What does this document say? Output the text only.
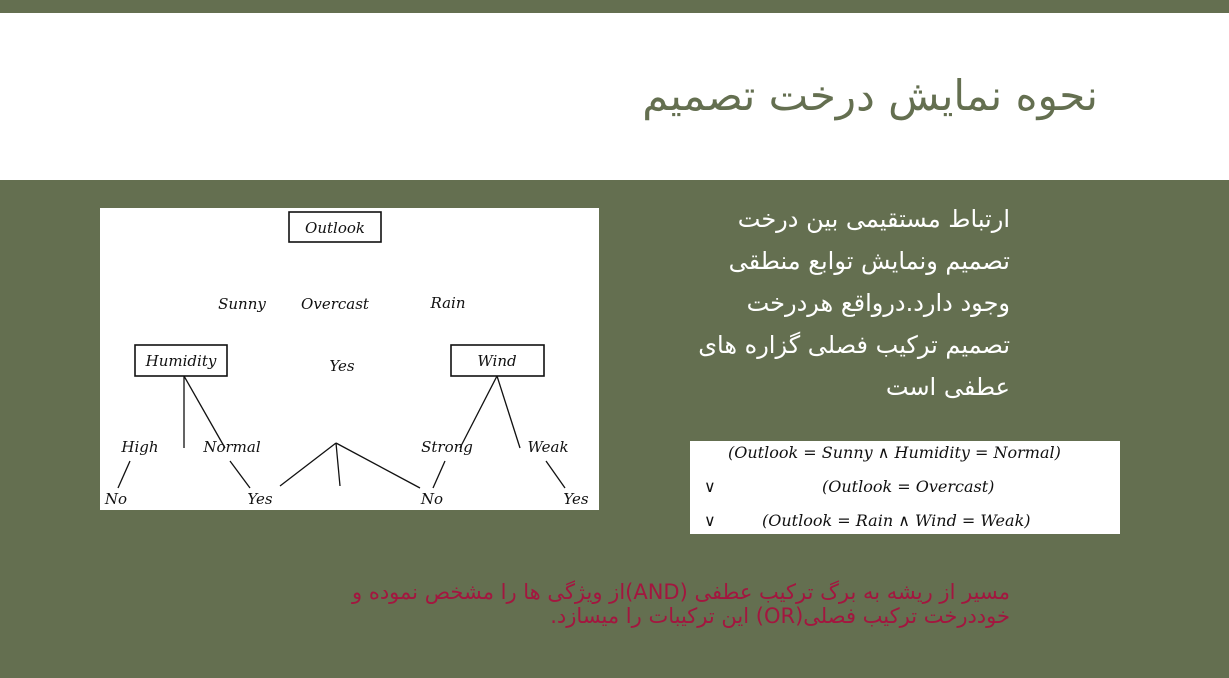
نحوه نمایش درخت تصمیم
Outlook
Humidity	Wind
Sunny Overcast	Rain
Yes
High	Normal
No	Yes
Strong	Weak
No	Yes

ارتباط مستقیمی بین درخت
تصمیم ونمایش توابع منطقی
وجود دارد.درواقع هردرخت
تصمیم ترکیب فصلی گزاره های
عطفی است

(Outlook = Sunny ∧ Humidity = Normal)
∨	(Outlook = Overcast)
∨	(Outlook = Rain ∧ Wind = Weak)

مسیر از ریشه به برگ ترکیب عطفی (AND)از ویژگی ها را مشخص نموده و
خوددرخت ترکیب فصلی(OR) این ترکیبات را میسازد.
